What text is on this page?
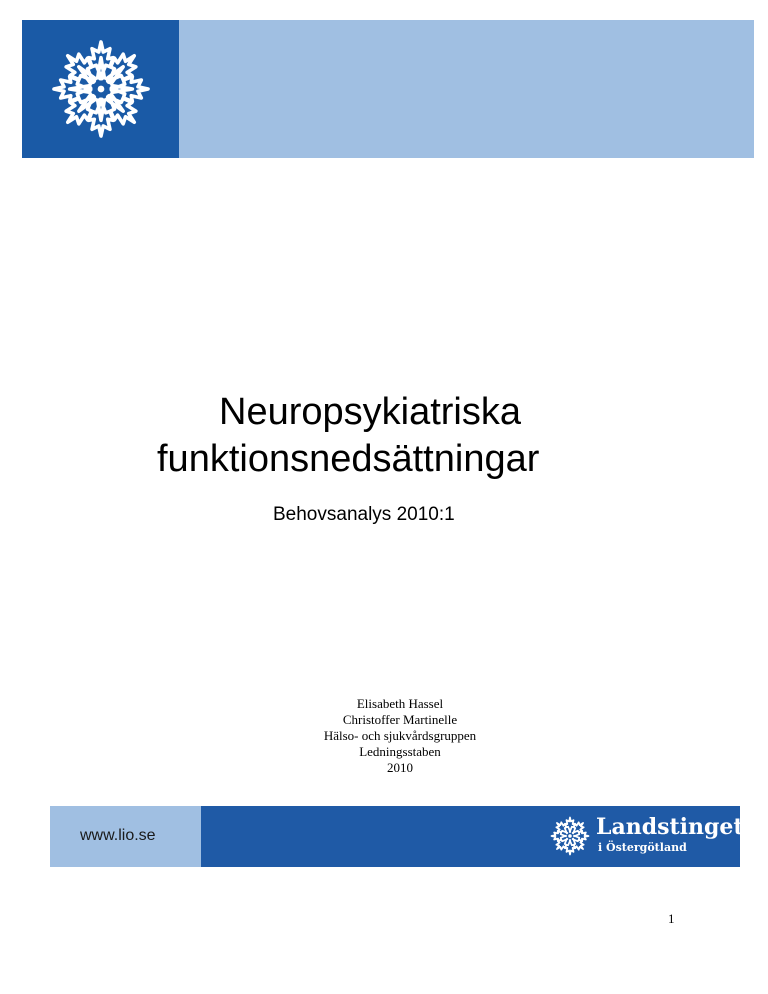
Neuropsykiatriska
funktionsnedsättningar
Behovsanalys 2010:1
Elisabeth Hassel
Christoffer Martinelle
Hälso- och sjukvårdsgruppen
Ledningsstaben
2010
www.lio.se	Landstinget
i Östergötland
1
